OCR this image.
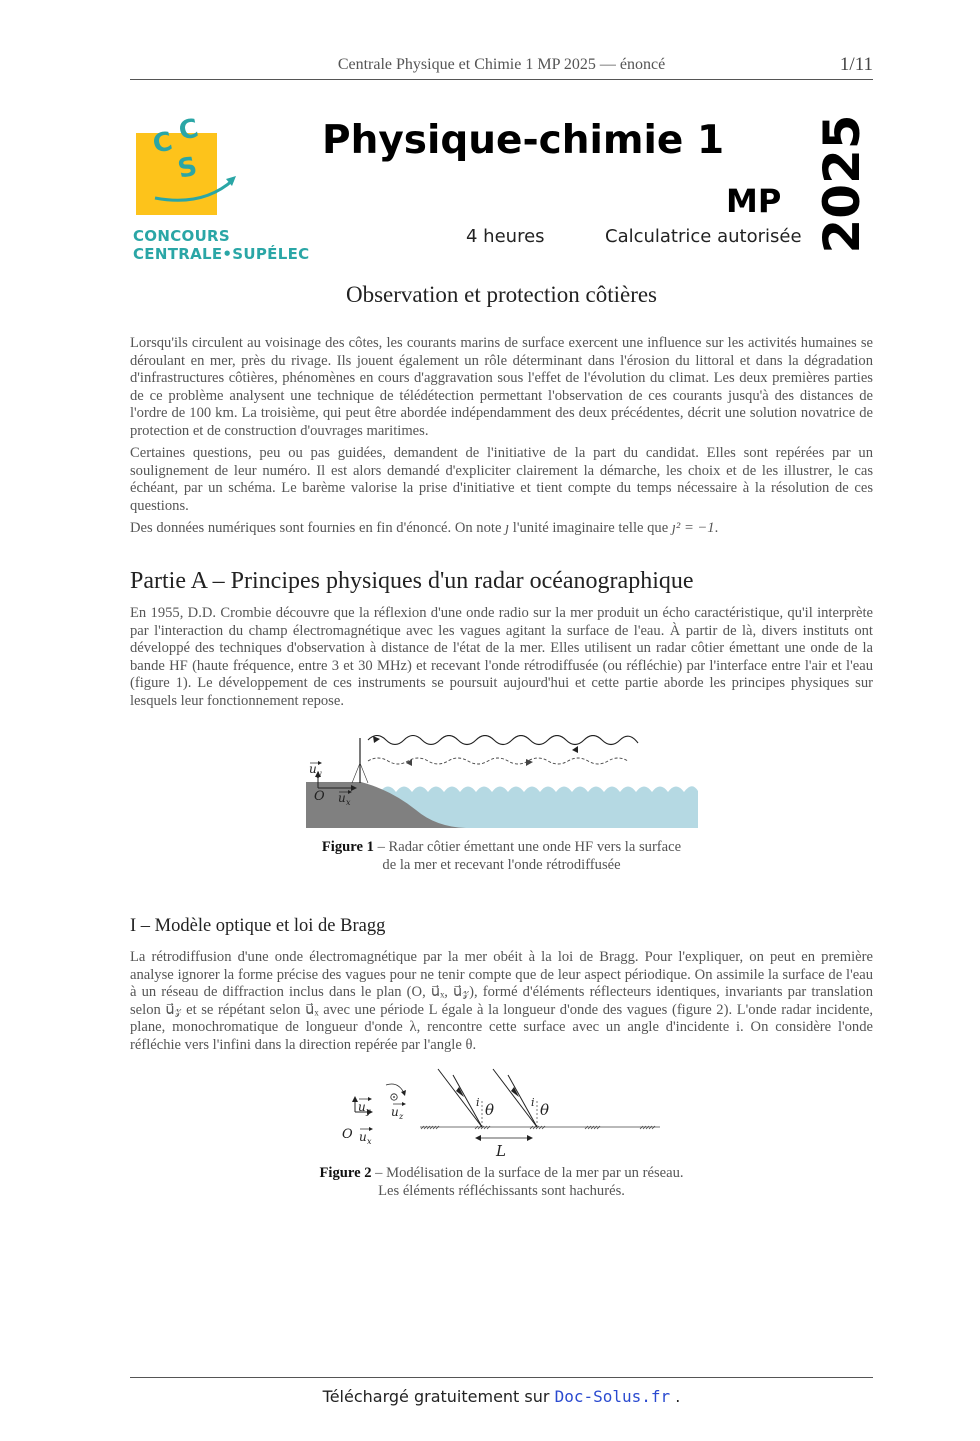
Centrale Physique et Chimie 1 MP 2025 — énoncé	1/11
C C
S
CONCOURS CENTRALE•SUPÉLEC
Physique-chimie 1
MP
4 heures	Calculatrice autorisée 2025
Observation et protection côtières

Lorsqu'ils circulent au voisinage des côtes, les courants marins de surface exercent une influence sur les activités humaines se déroulant en mer, près du rivage. Ils jouent également un rôle déterminant dans l'érosion du littoral et dans la dégradation d'infrastructures côtières, phénomènes en cours d'aggravation sous l'effet de l'évolution du climat. Les deux premières parties de ce problème analysent une technique de télédétection permettant l'observation de ces courants jusqu'à des distances de l'ordre de 100 km. La troisième, qui peut être abordée indépendamment des deux précédentes, décrit une solution novatrice de protection et de construction d'ouvrages maritimes.

Certaines questions, peu ou pas guidées, demandent de l'initiative de la part du candidat. Elles sont repérées par un soulignement de leur numéro. Il est alors demandé d'expliciter clairement la démarche, les choix et de les illustrer, le cas échéant, par un schéma. Le barème valorise la prise d'initiative et tient compte du temps nécessaire à la résolution de ces questions.

Des données numériques sont fournies en fin d'énoncé. On note ȷ l'unité imaginaire telle que ȷ² = −1.

Partie A – Principes physiques d'un radar océanographique

En 1955, D.D. Crombie découvre que la réflexion d'une onde radio sur la mer produit un écho caractéristique, qu'il interprète par l'interaction du champ électromagnétique avec les vagues agitant la surface de l'eau. À partir de là, divers instituts ont développé des techniques d'observation à distance de l'état de la mer. Elles utilisent un radar côtier émettant une onde de la bande HF (haute fréquence, entre 3 et 30 MHz) et recevant l'onde rétrodiffusée (ou réfléchie) par l'interface entre l'air et l'eau (figure 1). Le développement de ces instruments se poursuit aujourd'hui et cette partie aborde les principes physiques sur lesquels leur fonctionnement repose.

u y
O u x
Figure 1 – Radar côtier émettant une onde HF vers la surface
de la mer et recevant l'onde rétrodiffusée
I – Modèle optique et loi de Bragg

La rétrodiffusion d'une onde électromagnétique par la mer obéit à la loi de Bragg. Pour l'expliquer, on peut en première analyse ignorer la forme précise des vagues pour ne tenir compte que de leur aspect périodique. On assimile la surface de l'eau à un réseau de diffraction inclus dans le plan (O, u⃗ₓ, u⃗𝓏), formé d'éléments réflecteurs identiques, invariants par translation selon u⃗𝓏 et se répétant selon u⃗ₓ avec une période L égale à la longueur d'onde des vagues (figure 2). L'onde radar incidente, plane, monochromatique de longueur d'onde λ, rencontre cette surface avec un angle d'incidente i. On considère l'onde réfléchie vers l'infini dans la direction repérée par l'angle θ.

u y
O u x
u z
i θ	i θ
L
Figure 2 – Modélisation de la surface de la mer par un réseau.
Les éléments réfléchissants sont hachurés.
Téléchargé gratuitement sur Doc-Solus.fr .
